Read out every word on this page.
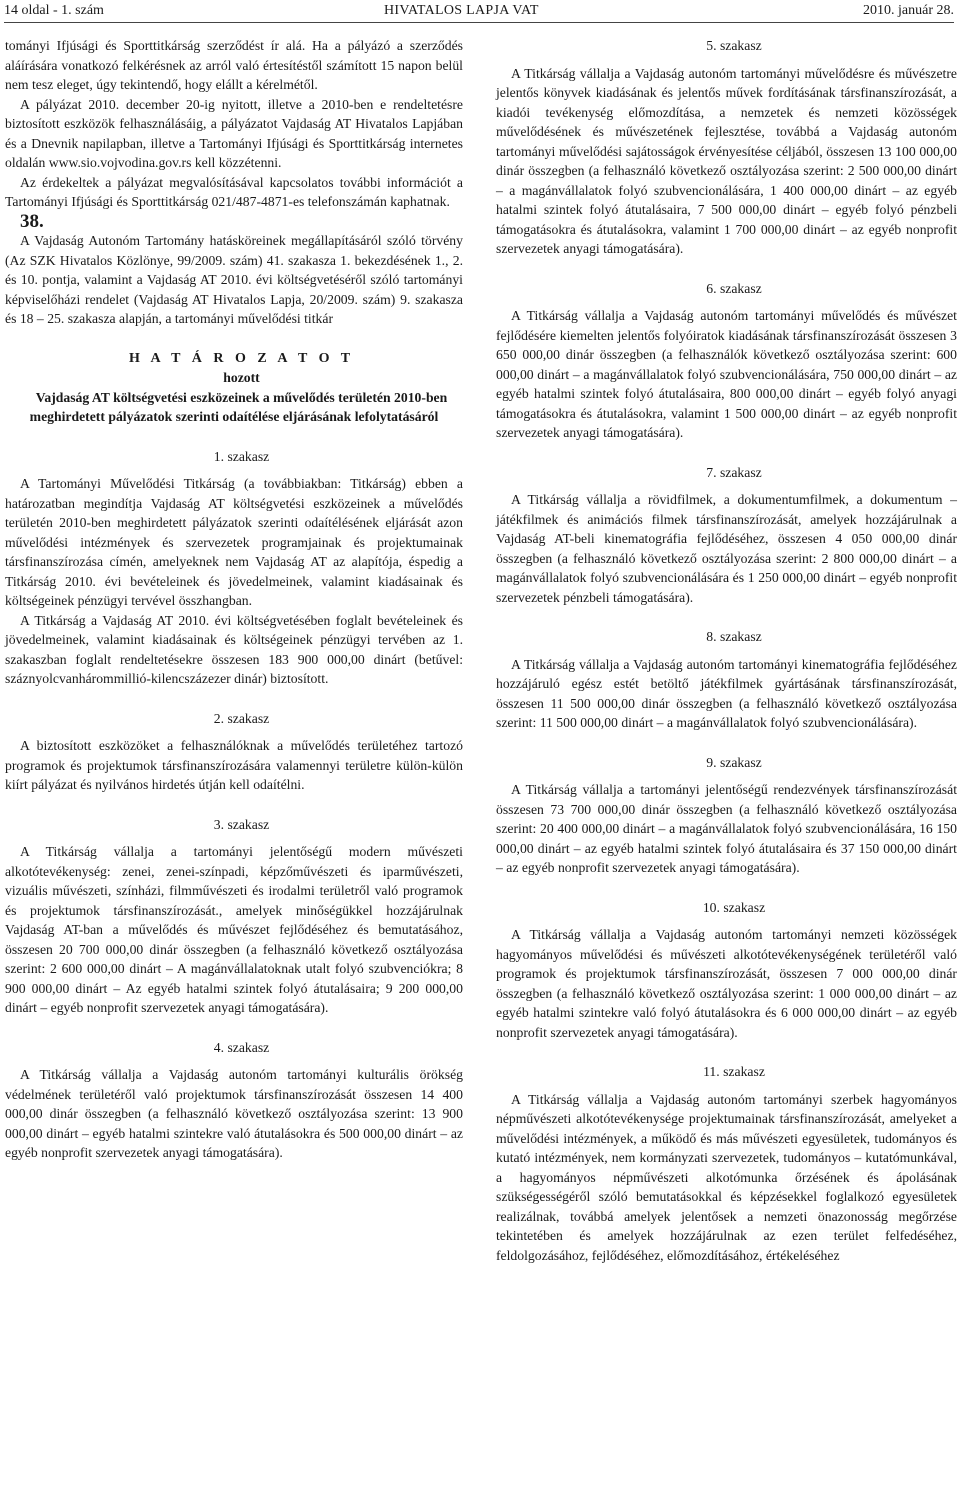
14 oldal - 1. szám	HIVATALOS LAPJA VAT	2010. január 28.

tományi Ifjúsági és Sporttitkárság szerződést ír alá. Ha a pályázó a szerződés aláírására vonatkozó felkérésnek az arról való értesítéstől számított 15 napon belül nem tesz eleget, úgy tekintendő, hogy elállt a kérelmétől.

A pályázat 2010. december 20-ig nyitott, illetve a 2010-ben e rendeltetésre biztosított eszközök felhasználásáig, a pályázatot Vajdaság AT Hivatalos Lapjában és a Dnevnik napilapban, illetve a Tartományi Ifjúsági és Sporttitkárság internetes oldalán www.sio.vojvodina.gov.rs kell közzétenni.

Az érdekeltek a pályázat megvalósításával kapcsolatos további információt a Tartományi Ifjúsági és Sporttitkárság 021/487-4871-es telefonszámán kaphatnak.

38.

A Vajdaság Autonóm Tartomány hatásköreinek megállapításáról szóló törvény (Az SZK Hivatalos Közlönye, 99/2009. szám) 41. szakasza 1. bekezdésének 1., 2. és 10. pontja, valamint a Vajdaság AT 2010. évi költségvetéséről szóló tartományi képviselőházi rendelet (Vajdaság AT Hivatalos Lapja, 20/2009. szám) 9. szakasza és 18 – 25. szakasza alapján, a tartományi művelődési titkár

H A T Á R O Z A T O T

hozott

Vajdaság AT költségvetési eszközeinek a művelődés területén 2010-ben meghirdetett pályázatok szerinti odaítélése eljárásának lefolytatásáról

1. szakasz

A Tartományi Művelődési Titkárság (a továbbiakban: Titkárság) ebben a határozatban megindítja Vajdaság AT költségvetési eszközeinek a művelődés területén 2010-ben meghirdetett pályázatok szerinti odaítélésének eljárását azon művelődési intézmények és szervezetek programjainak és projektumainak társfinanszírozása címén, amelyeknek nem Vajdaság AT az alapítója, éspedig a Titkárság 2010. évi bevételeinek és jövedelmeinek, valamint kiadásainak és költségeinek pénzügyi tervével összhangban.

A Titkárság a Vajdaság AT 2010. évi költségvetésében foglalt bevételeinek és jövedelmeinek, valamint kiadásainak és költségeinek pénzügyi tervében az 1. szakaszban foglalt rendeltetésekre összesen 183 900 000,00 dinárt (betűvel: száznyolcvanhárommillió-kilencszázezer dinár) biztosított.

2. szakasz

A biztosított eszközöket a felhasználóknak a művelődés területéhez tartozó programok és projektumok társfinanszírozására valamennyi területre külön-külön kiírt pályázat és nyilvános hirdetés útján kell odaítélni.

3. szakasz

A Titkárság vállalja a tartományi jelentőségű modern művészeti alkotótevékenység: zenei, zenei-színpadi, képzőművészeti és iparművészeti, vizuális művészeti, színházi, filmművészeti és irodalmi területről való programok és projektumok társfinanszírozását., amelyek minőségükkel hozzájárulnak Vajdaság AT-ban a művelődés és művészet fejlődéséhez és bemutatásához, összesen 20 700 000,00 dinár összegben (a felhasználó következő osztályozása szerint: 2 600 000,00 dinárt – A magánvállalatoknak utalt folyó szubvenciókra; 8 900 000,00 dinárt – Az egyéb hatalmi szintek folyó átutalásaira; 9 200 000,00 dinárt – egyéb nonprofit szervezetek anyagi támogatására).

4. szakasz

A Titkárság vállalja a Vajdaság autonóm tartományi kulturális örökség védelmének területéről való projektumok társfinanszírozását összesen 14 400 000,00 dinár összegben (a felhasználó következő osztályozása szerint: 13 900 000,00 dinárt – egyéb hatalmi szintekre való átutalásokra és 500 000,00 dinárt – az egyéb nonprofit szervezetek anyagi támogatására).

5. szakasz

A Titkárság vállalja a Vajdaság autonóm tartományi művelődésre és művészetre jelentős könyvek kiadásának és jelentős művek fordításának társfinanszírozását, a kiadói tevékenység előmozdítása, a nemzetek és nemzeti közösségek művelődésének és művészetének fejlesztése, továbbá a Vajdaság autonóm tartományi művelődési sajátosságok érvényesítése céljából, összesen 13 100 000,00 dinár összegben (a felhasználó következő osztályozása szerint: 2 500 000,00 dinárt – a magánvállalatok folyó szubvencionálására, 1 400 000,00 dinárt – az egyéb hatalmi szintek folyó átutalásaira, 7 500 000,00 dinárt – egyéb folyó pénzbeli támogatásokra és átutalásokra, valamint 1 700 000,00 dinárt – az egyéb nonprofit szervezetek anyagi támogatására).

6. szakasz

A Titkárság vállalja a Vajdaság autonóm tartományi művelődés és művészet fejlődésére kiemelten jelentős folyóiratok kiadásának társfinanszírozását összesen 3 650 000,00 dinár összegben (a felhasználók következő osztályozása szerint: 600 000,00 dinárt – a magánvállalatok folyó szubvencionálására, 750 000,00 dinárt – az egyéb hatalmi szintek folyó átutalásaira, 800 000,00 dinárt – egyéb folyó anyagi támogatásokra és átutalásokra, valamint 1 500 000,00 dinárt – az egyéb nonprofit szervezetek anyagi támogatására).

7. szakasz

A Titkárság vállalja a rövidfilmek, a dokumentumfilmek, a dokumentum – játékfilmek és animációs filmek társfinanszírozását, amelyek hozzájárulnak a Vajdaság AT-beli kinematográfia fejlődéséhez, összesen 4 050 000,00 dinár összegben (a felhasználó következő osztályozása szerint: 2 800 000,00 dinárt – a magánvállalatok folyó szubvencionálására és 1 250 000,00 dinárt – egyéb nonprofit szervezetek pénzbeli támogatására).

8. szakasz

A Titkárság vállalja a Vajdaság autonóm tartományi kinematográfia fejlődéséhez hozzájáruló egész estét betöltő játékfilmek gyártásának társfinanszírozását, összesen 11 500 000,00 dinár összegben (a felhasználó következő osztályozása szerint: 11 500 000,00 dinárt – a magánvállalatok folyó szubvencionálására).

9. szakasz

A Titkárság vállalja a tartományi jelentőségű rendezvények társfinanszírozását összesen 73 700 000,00 dinár összegben (a felhasználó következő osztályozása szerint: 20 400 000,00 dinárt – a magánvállalatok folyó szubvencionálására, 16 150 000,00 dinárt – az egyéb hatalmi szintek folyó átutalásaira és 37 150 000,00 dinárt – az egyéb nonprofit szervezetek anyagi támogatására).

10. szakasz

A Titkárság vállalja a Vajdaság autonóm tartományi nemzeti közösségek hagyományos művelődési és művészeti alkotótevékenységének területéről való programok és projektumok társfinanszírozását, összesen 7 000 000,00 dinár összegben (a felhasználó következő osztályozása szerint: 1 000 000,00 dinárt – az egyéb hatalmi szintekre való folyó átutalásokra és 6 000 000,00 dinárt – az egyéb nonprofit szervezetek anyagi támogatására).

11. szakasz

A Titkárság vállalja a Vajdaság autonóm tartományi szerbek hagyományos népművészeti alkotótevékenysége projektumainak társfinanszírozását, amelyeket a művelődési intézmények, a működő és más művészeti egyesületek, tudományos és kutató intézmények, nem kormányzati szervezetek, tudományos – kutatómunkával, a hagyományos népművészeti alkotómunka őrzésének és ápolásának szükségességéről szóló bemutatásokkal és képzésekkel foglalkozó egyesületek realizálnak, továbbá amelyek jelentősek a nemzeti önazonosság megőrzése tekintetében és amelyek hozzájárulnak az ezen terület felfedéséhez, feldolgozásához, fejlődéséhez, előmozdításához, értékeléséhez
